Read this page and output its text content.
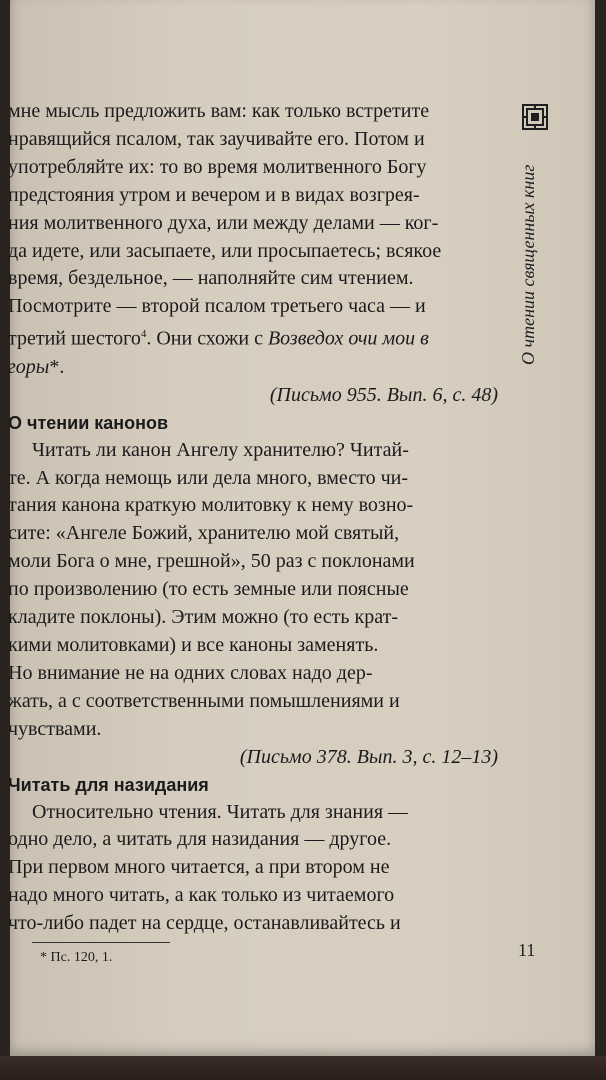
мне мысль предложить вам: как только встретите
нравящийся псалом, так заучивайте его. Потом и
употребляйте их: то во время молитвенного Богу
предстояния утром и вечером и в видах возгрея-
ния молитвенного духа, или между делами — ког-
да идете, или засыпаете, или просыпаетесь; всякое
время, бездельное, — наполняйте сим чтением.
Посмотрите — второй псалом третьего часа — и
третий шестого$^4$. Они схожи с Возведох очи мои в
горы*.

(Письмо 955. Вып. 6, с. 48)

О чтении канонов

Читать ли канон Ангелу хранителю? Читай-
те. А когда немощь или дела много, вместо чи-
тания канона краткую молитовку к нему возно-
сите: «Ангеле Божий, хранителю мой святый,
моли Бога о мне, грешной», 50 раз с поклонами
по произволению (то есть земные или поясные
кладите поклоны). Этим можно (то есть крат-
кими молитовками) и все каноны заменять.
Но внимание не на одних словах надо дер-
жать, а с соответственными помышлениями и
чувствами.

(Письмо 378. Вып. 3, с. 12–13)

Читать для назидания

Относительно чтения. Читать для знания —
одно дело, а читать для назидания — другое.
При первом много читается, а при втором не
надо много читать, а как только из читаемого
что-либо падет на сердце, останавливайтесь и

О чтении священных книг
* Пс. 120, 1.	11
